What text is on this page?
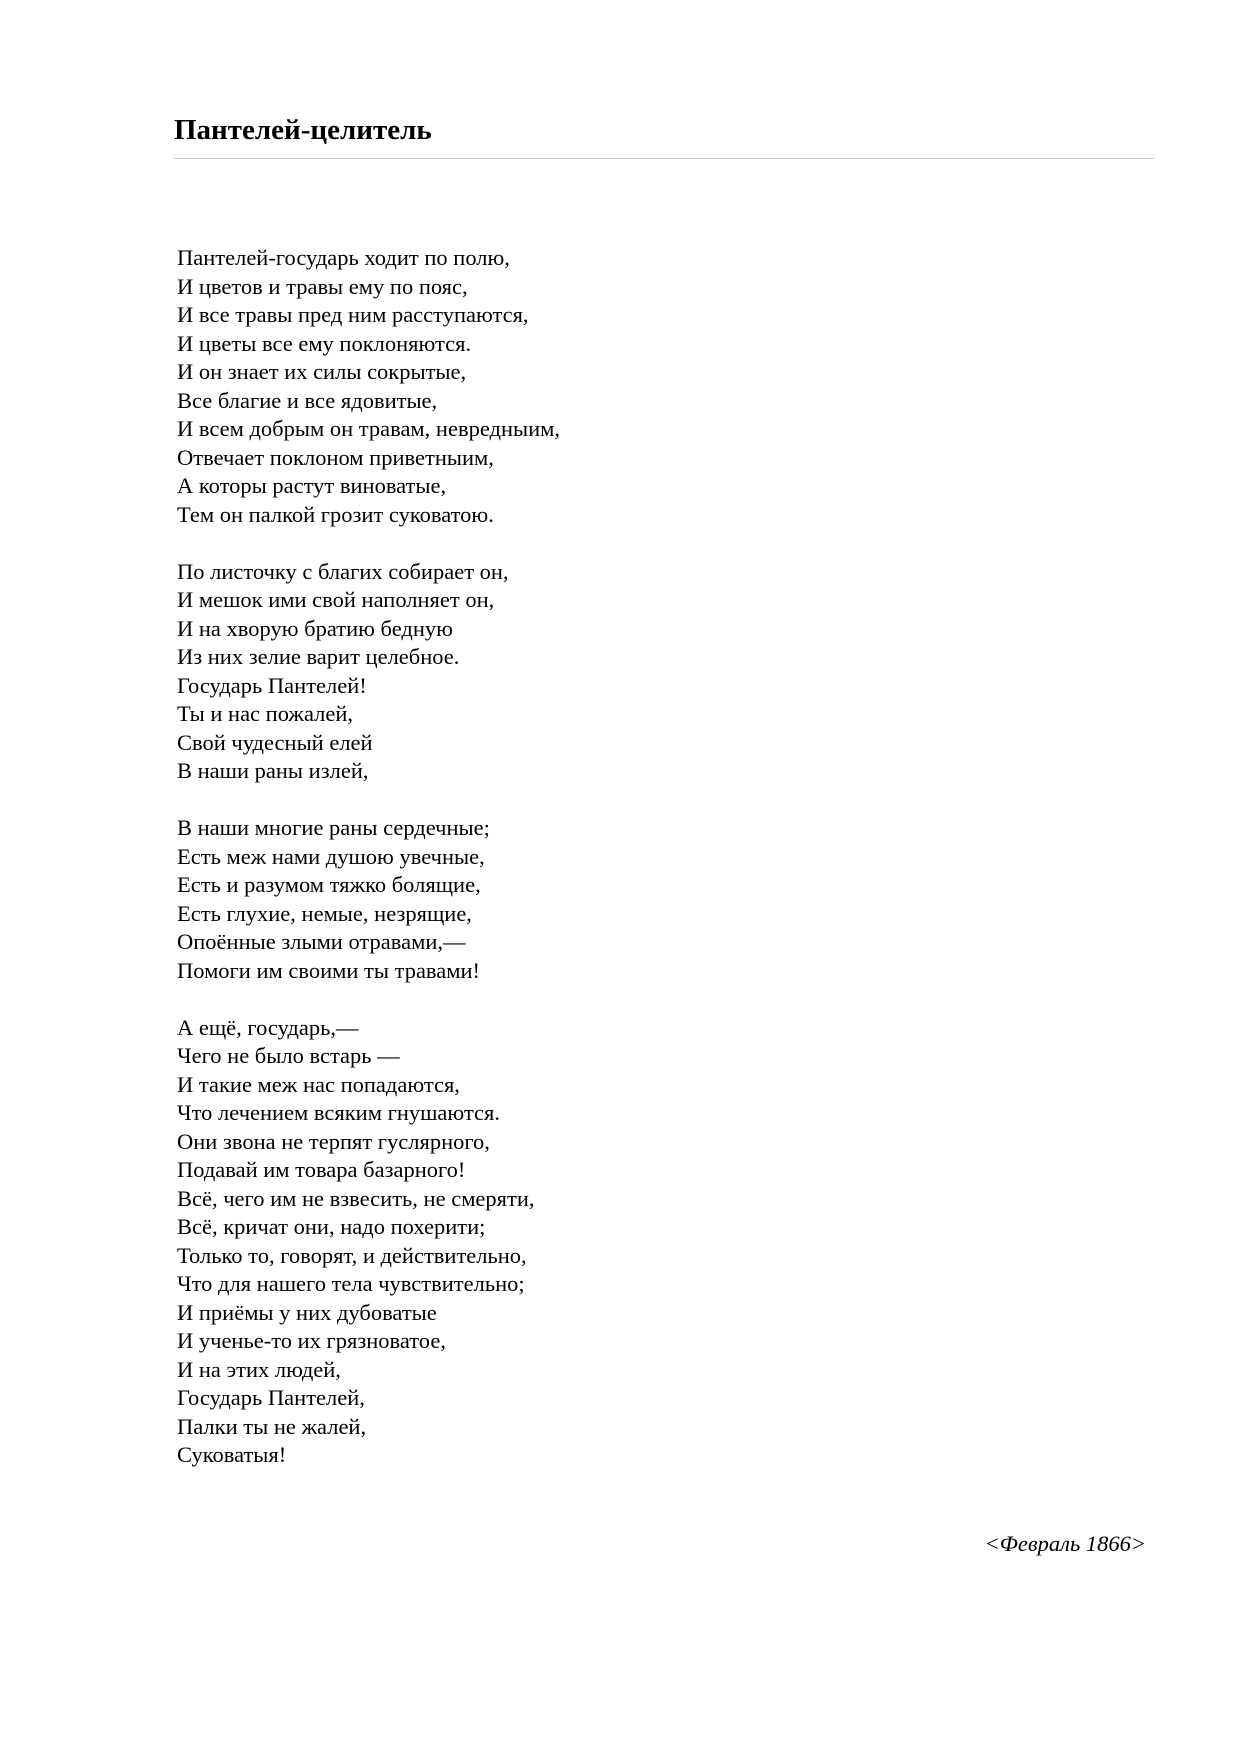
Пантелей-целитель
Пантелей-государь ходит по полю,
И цветов и травы ему по пояс,
И все травы пред ним расступаются,
И цветы все ему поклоняются.
И он знает их силы сокрытые,
Все благие и все ядовитые,
И всем добрым он травам, невредныим,
Отвечает поклоном приветныим,
А которы растут виноватые,
Тем он палкой грозит суковатою.
По листочку с благих собирает он,
И мешок ими свой наполняет он,
И на хворую братию бедную
Из них зелие варит целебное.
Государь Пантелей!
Ты и нас пожалей,
Свой чудесный елей
В наши раны излей,
В наши многие раны сердечные;
Есть меж нами душою увечные,
Есть и разумом тяжко болящие,
Есть глухие, немые, незрящие,
Опоённые злыми отравами,—
Помоги им своими ты травами!
А ещё, государь,—
Чего не было встарь —
И такие меж нас попадаются,
Что лечением всяким гнушаются.
Они звона не терпят гуслярного,
Подавай им товара базарного!
Всё, чего им не взвесить, не смеряти,
Всё, кричат они, надо похерити;
Только то, говорят, и действительно,
Что для нашего тела чувствительно;
И приёмы у них дубоватые
И ученье-то их грязноватое,
И на этих людей,
Государь Пантелей,
Палки ты не жалей,
Суковатыя!
<Февраль 1866>
